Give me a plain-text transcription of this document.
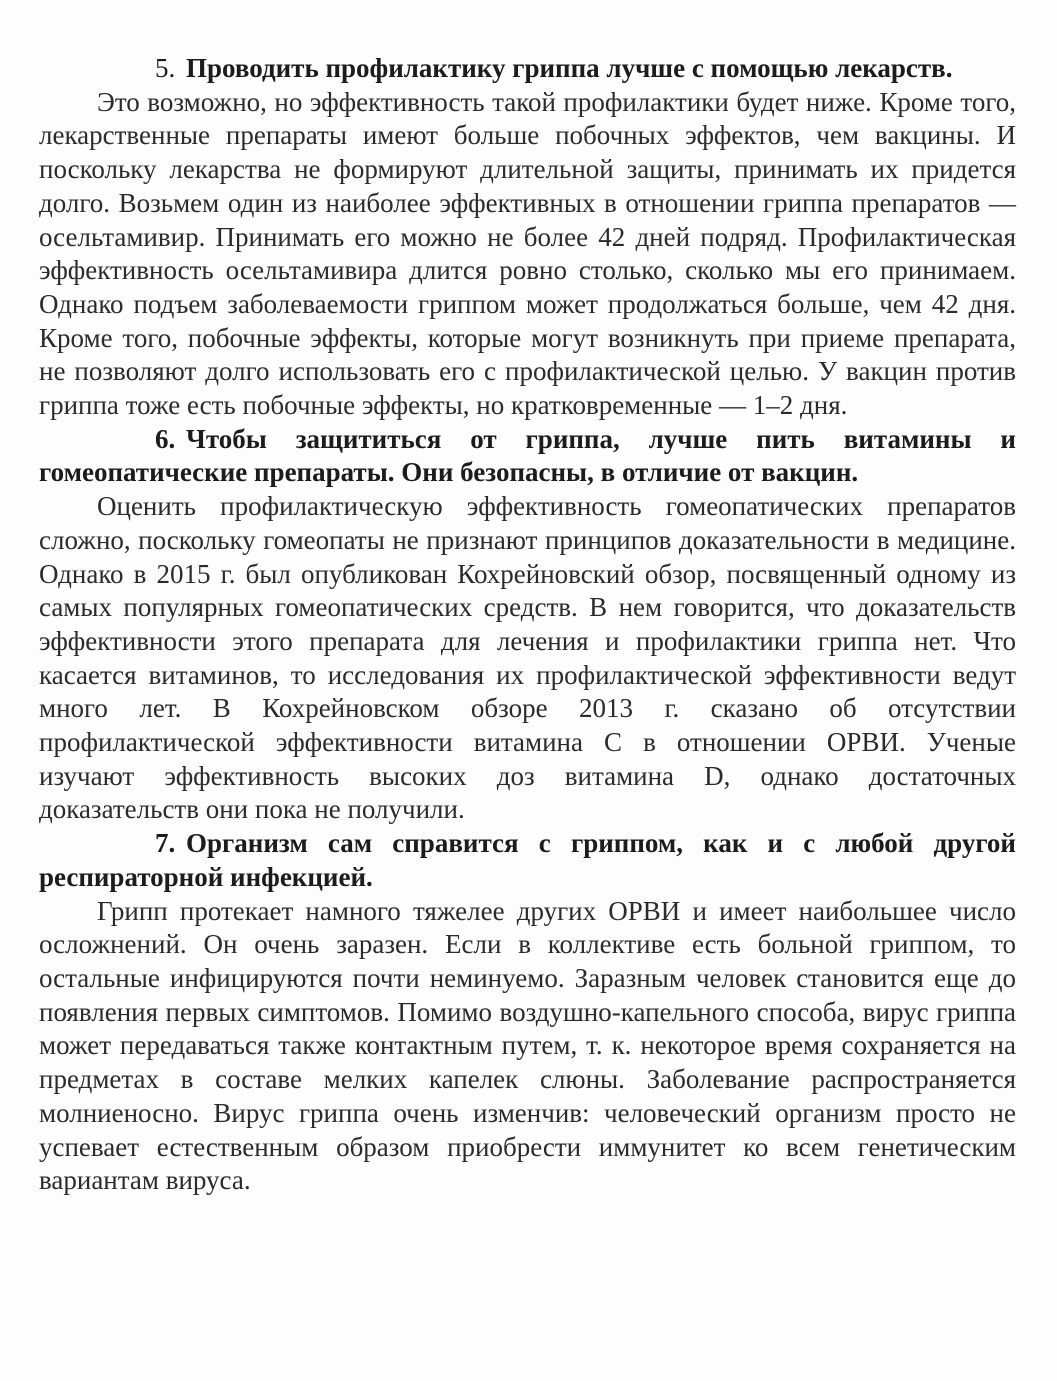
5. Проводить профилактику гриппа лучше с помощью лекарств.

Это возможно, но эффективность такой профилактики будет ниже. Кроме того, лекарственные препараты имеют больше побочных эффектов, чем вакцины. И поскольку лекарства не формируют длительной защиты, принимать их придется долго. Возьмем один из наиболее эффективных в отношении гриппа препаратов — осельтамивир. Принимать его можно не более 42 дней подряд. Профилактическая эффективность осельтамивира длится ровно столько, сколько мы его принимаем. Однако подъем заболеваемости гриппом может продолжаться больше, чем 42 дня. Кроме того, побочные эффекты, которые могут возникнуть при приеме препарата, не позволяют долго использовать его с профилактической целью. У вакцин против гриппа тоже есть побочные эффекты, но кратковременные — 1–2 дня.

6. Чтобы защититься от гриппа, лучше пить витамины и гомеопатические препараты. Они безопасны, в отличие от вакцин.

Оценить профилактическую эффективность гомеопатических препаратов сложно, поскольку гомеопаты не признают принципов доказательности в медицине. Однако в 2015 г. был опубликован Кохрейновский обзор, посвященный одному из самых популярных гомеопатических средств. В нем говорится, что доказательств эффективности этого препарата для лечения и профилактики гриппа нет. Что касается витаминов, то исследования их профилактической эффективности ведут много лет. В Кохрейновском обзоре 2013 г. сказано об отсутствии профилактической эффективности витамина С в отношении ОРВИ. Ученые изучают эффективность высоких доз витамина D, однако достаточных доказательств они пока не получили.

7. Организм сам справится с гриппом, как и с любой другой респираторной инфекцией.

Грипп протекает намного тяжелее других ОРВИ и имеет наибольшее число осложнений. Он очень заразен. Если в коллективе есть больной гриппом, то остальные инфицируются почти неминуемо. Заразным человек становится еще до появления первых симптомов. Помимо воздушно-капельного способа, вирус гриппа может передаваться также контактным путем, т. к. некоторое время сохраняется на предметах в составе мелких капелек слюны. Заболевание распространяется молниеносно. Вирус гриппа очень изменчив: человеческий организм просто не успевает естественным образом приобрести иммунитет ко всем генетическим вариантам вируса.
